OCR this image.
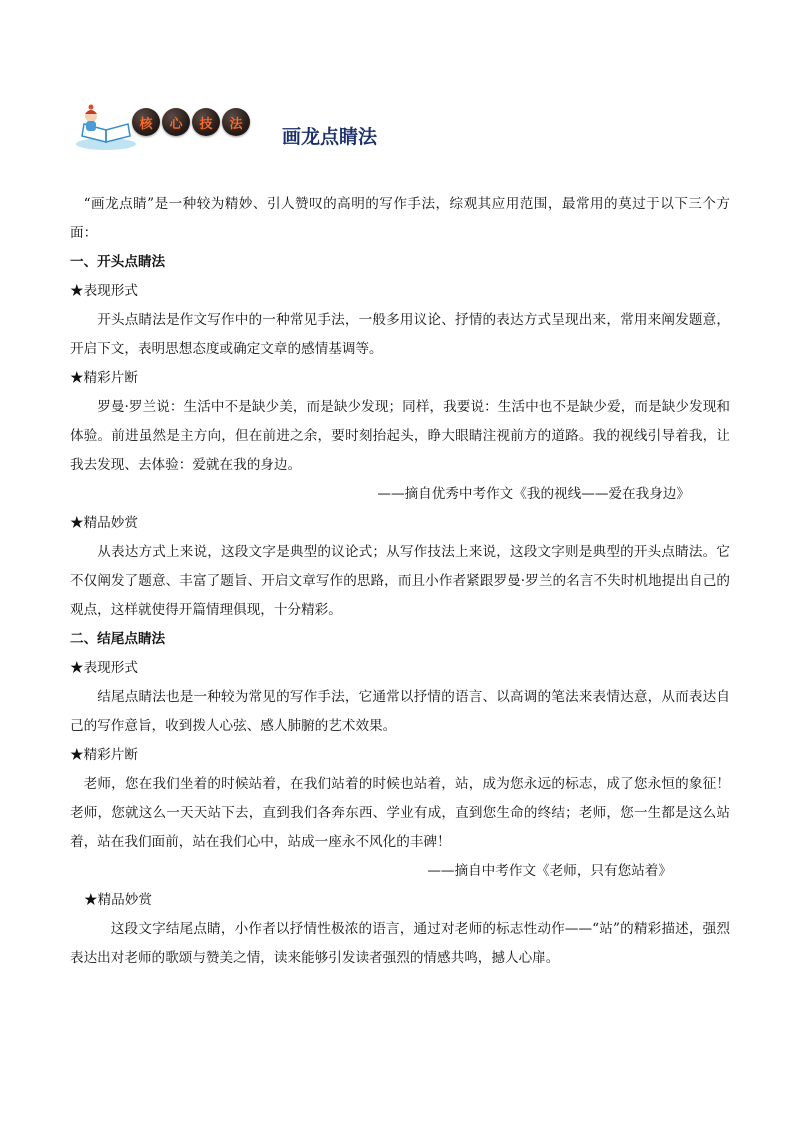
核	心	技	法
画龙点睛法

“画龙点睛”是一种较为精妙、引人赞叹的高明的写作手法，综观其应用范围，最常用的莫过于以下三个方面：

一、开头点睛法

★表现形式

开头点睛法是作文写作中的一种常见手法，一般多用议论、抒情的表达方式呈现出来，常用来阐发题意，开启下文，表明思想态度或确定文章的感情基调等。

★精彩片断

罗曼·罗兰说：生活中不是缺少美，而是缺少发现；同样，我要说：生活中也不是缺少爱，而是缺少发现和体验。前进虽然是主方向，但在前进之余，要时刻抬起头，睁大眼睛注视前方的道路。我的视线引导着我，让我去发现、去体验：爱就在我的身边。

——摘自优秀中考作文《我的视线——爱在我身边》

★精品妙赏

从表达方式上来说，这段文字是典型的议论式；从写作技法上来说，这段文字则是典型的开头点睛法。它不仅阐发了题意、丰富了题旨、开启文章写作的思路，而且小作者紧跟罗曼·罗兰的名言不失时机地提出自己的观点，这样就使得开篇情理俱现，十分精彩。

二、结尾点睛法

★表现形式

结尾点睛法也是一种较为常见的写作手法，它通常以抒情的语言、以高调的笔法来表情达意，从而表达自己的写作意旨，收到拨人心弦、感人肺腑的艺术效果。

★精彩片断

老师，您在我们坐着的时候站着，在我们站着的时候也站着，站，成为您永远的标志，成了您永恒的象征！老师，您就这么一天天站下去，直到我们各奔东西、学业有成，直到您生命的终结；老师，您一生都是这么站着，站在我们面前，站在我们心中，站成一座永不风化的丰碑！

——摘自中考作文《老师，只有您站着》

★精品妙赏

这段文字结尾点睛，小作者以抒情性极浓的语言，通过对老师的标志性动作——“站”的精彩描述，强烈表达出对老师的歌颂与赞美之情，读来能够引发读者强烈的情感共鸣，撼人心扉。
